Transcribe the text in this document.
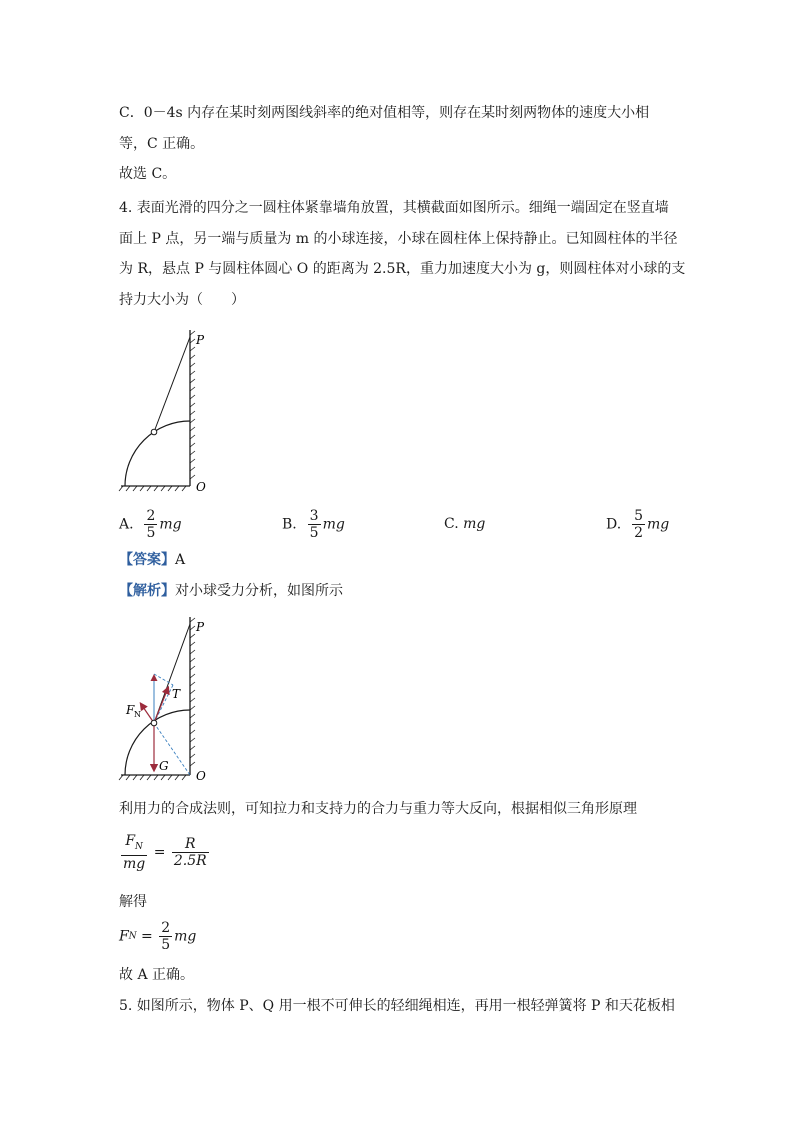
C．0－4s 内存在某时刻两图线斜率的绝对值相等，则存在某时刻两物体的速度大小相
等，C 正确。
故选 C。
4. 表面光滑的四分之一圆柱体紧靠墙角放置，其横截面如图所示。细绳一端固定在竖直墙
面上 P 点，另一端与质量为 m 的小球连接，小球在圆柱体上保持静止。已知圆柱体的半径
为 R，悬点 P 与圆柱体圆心 O 的距离为 2.5R，重力加速度大小为 g，则圆柱体对小球的支
持力大小为（　　）
P
O
A. $\frac{2}{5}$ mg	B. $\frac{3}{5}$ mg	C. mg	D. $\frac{5}{2}$ mg
【答案】A
【解析】对小球受力分析，如图所示
P
O
T
F N
G
利用力的合成法则，可知拉力和支持力的合力与重力等大反向，根据相似三角形原理
$\frac{F_N}{mg} = \frac{R}{2.5R}$
解得
FN = $\frac{2}{5}$ mg
故 A 正确。
5. 如图所示，物体 P、Q 用一根不可伸长的轻细绳相连，再用一根轻弹簧将 P 和天花板相
